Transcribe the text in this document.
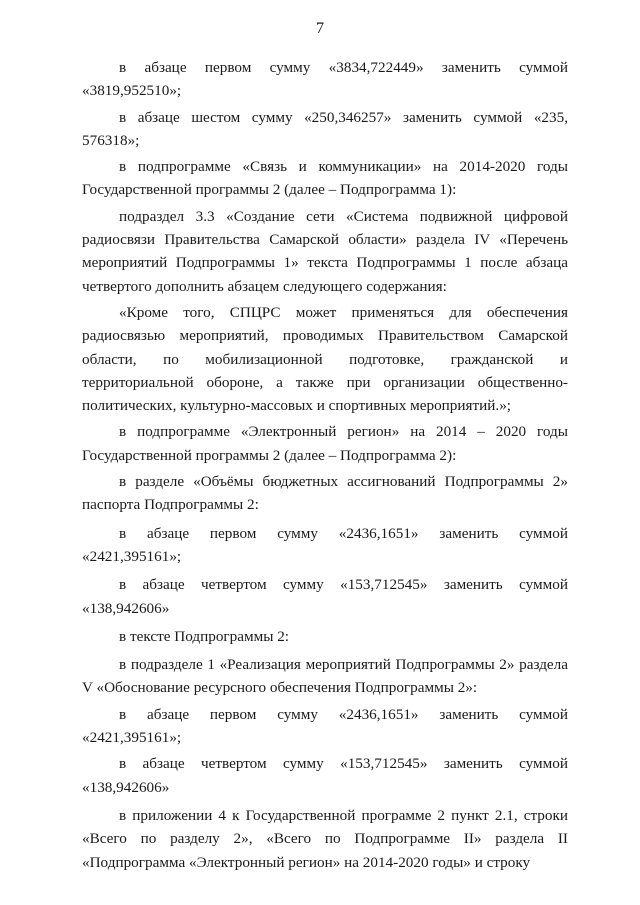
7

в абзаце первом сумму «3834,722449» заменить суммой «3819,952510»;

в абзаце шестом сумму «250,346257» заменить суммой «235, 576318»;

в подпрограмме «Связь и коммуникации» на 2014-2020 годы Государственной программы 2 (далее – Подпрограмма 1):

подраздел 3.3 «Создание сети «Система подвижной цифровой радиосвязи Правительства Самарской области» раздела IV «Перечень мероприятий Подпрограммы 1» текста Подпрограммы 1 после абзаца четвертого дополнить абзацем следующего содержания:

«Кроме того, СПЦРС может применяться для обеспечения радиосвязью мероприятий, проводимых Правительством Самарской области, по мобилизационной подготовке, гражданской и территориальной обороне, а также при организации общественно-политических, культурно-массовых и спортивных мероприятий.»;

в подпрограмме «Электронный регион» на 2014 – 2020 годы Государственной программы 2 (далее – Подпрограмма 2):

в разделе «Объёмы бюджетных ассигнований Подпрограммы 2» паспорта Подпрограммы 2:

в абзаце первом сумму «2436,1651» заменить суммой «2421,395161»;

в абзаце четвертом сумму «153,712545» заменить суммой «138,942606»

в тексте Подпрограммы 2:

в подразделе 1 «Реализация мероприятий Подпрограммы 2» раздела V «Обоснование ресурсного обеспечения Подпрограммы 2»:

в абзаце первом сумму «2436,1651» заменить суммой «2421,395161»;

в абзаце четвертом сумму «153,712545» заменить суммой «138,942606»

в приложении 4 к Государственной программе 2 пункт 2.1, строки «Всего по разделу 2», «Всего по Подпрограмме II» раздела II «Подпрограмма «Электронный регион» на 2014-2020 годы» и строку
